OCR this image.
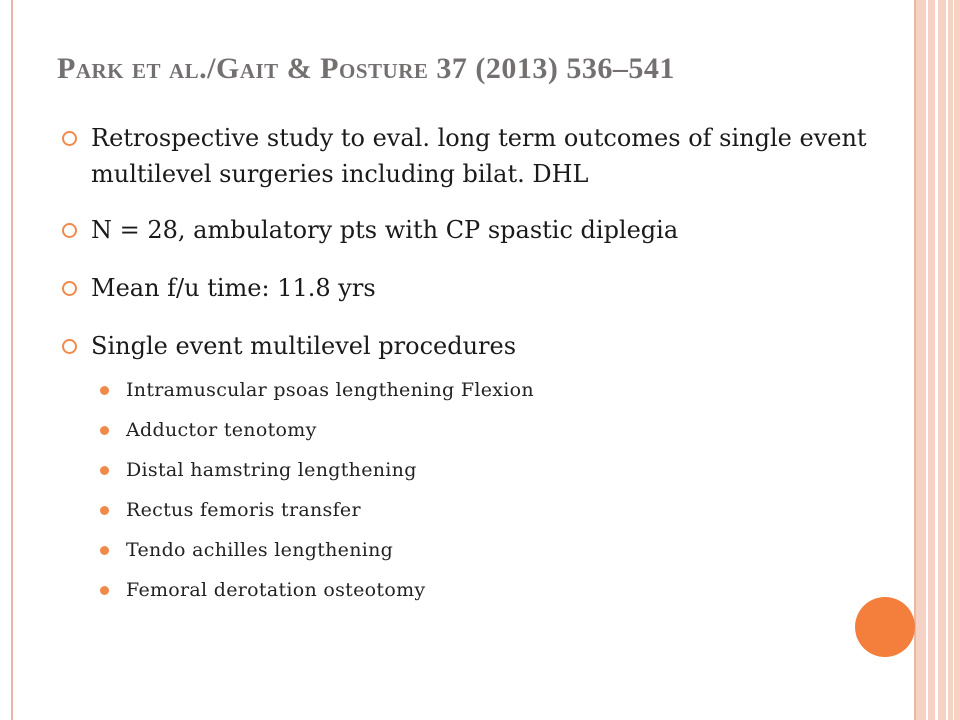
Park et al./Gait & Posture 37 (2013) 536–541
Retrospective study to eval. long term outcomes of single event multilevel surgeries including bilat. DHL
N = 28, ambulatory pts with CP spastic diplegia
Mean f/u time: 11.8 yrs
Single event multilevel procedures
Intramuscular psoas lengthening Flexion
Adductor tenotomy
Distal hamstring lengthening
Rectus femoris transfer
Tendo achilles lengthening
Femoral derotation osteotomy
